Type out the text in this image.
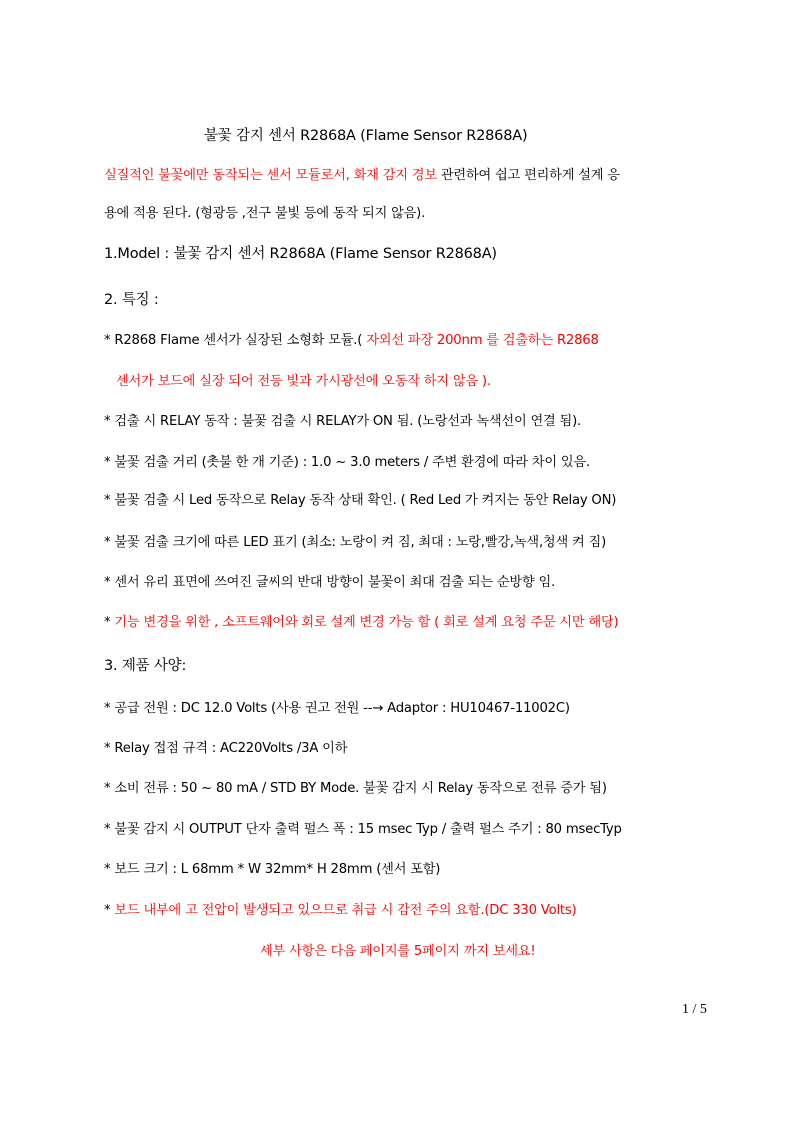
불꽃 감지 센서 R2868A (Flame Sensor R2868A)
실질적인 불꽃에만 동작되는 센서 모듈로서, 화재 감지 경보 관련하여 쉽고 편리하게 설계 응
용에 적용 된다. (형광등 ,전구 불빛 등에 동작 되지 않음).
1.Model : 불꽃 감지 센서 R2868A (Flame Sensor R2868A)
2. 특징 :
* R2868 Flame 센서가 실장된 소형화 모듈.( 자외선 파장 200nm 를 검출하는 R2868
센서가 보드에 실장 되어 전등 빛과 가시광선에 오동작 하지 않음 ).
* 검출 시 RELAY 동작 : 불꽃 검출 시 RELAY가 ON 됨. (노랑선과 녹색선이 연결 됨).
* 불꽃 검출 거리 (촛불 한 개 기준) : 1.0 ~ 3.0 meters / 주변 환경에 따라 차이 있음.
* 불꽃 검출 시 Led 동작으로 Relay 동작 상태 확인. ( Red Led 가 켜지는 동안 Relay ON)
* 불꽃 검출 크기에 따른 LED 표기 (최소: 노랑이 켜 짐, 최대 : 노랑,빨강,녹색,청색 켜 짐)
* 센서 유리 표면에 쓰여진 글씨의 반대 방향이 불꽃이 최대 검출 되는 순방향 임.
* 기능 변경을 위한 , 소프트웨어와 회로 설계 변경 가능 함 ( 회로 설계 요청 주문 시만 해당)
3. 제품 사양:
* 공급 전원 : DC 12.0 Volts (사용 권고 전원 --→ Adaptor : HU10467-11002C)
* Relay 접점 규격 : AC220Volts /3A 이하
* 소비 전류 : 50 ~ 80 mA / STD BY Mode. 불꽃 감지 시 Relay 동작으로 전류 증가 됨)
* 불꽃 감지 시 OUTPUT 단자 출력 펄스 폭 : 15 msec Typ / 출력 펄스 주기 : 80 msecTyp
* 보드 크기 : L 68mm * W 32mm* H 28mm (센서 포함)
* 보드 내부에 고 전압이 발생되고 있으므로 취급 시 감전 주의 요함.(DC 330 Volts)
세부 사항은 다음 페이지를 5페이지 까지 보세요!
1 / 5
